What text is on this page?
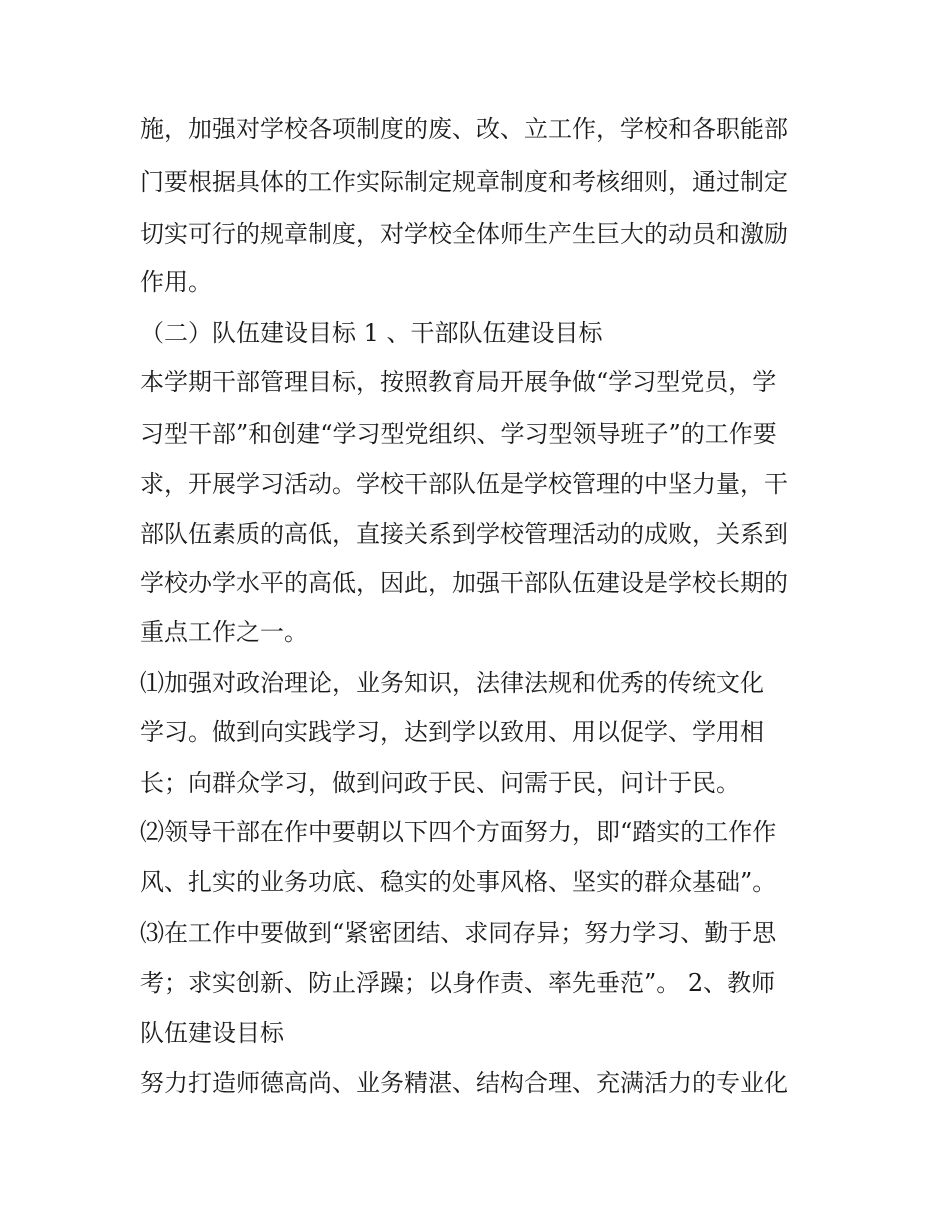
施，加强对学校各项制度的废、改、立工作，学校和各职能部
门要根据具体的工作实际制定规章制度和考核细则，通过制定
切实可行的规章制度，对学校全体师生产生巨大的动员和激励
作用。
（二）队伍建设目标 1 、干部队伍建设目标
本学期干部管理目标，按照教育局开展争做“学习型党员，学
习型干部”和创建“学习型党组织、学习型领导班子”的工作要
求，开展学习活动。学校干部队伍是学校管理的中坚力量，干
部队伍素质的高低，直接关系到学校管理活动的成败，关系到
学校办学水平的高低，因此，加强干部队伍建设是学校长期的
重点工作之一。
⑴加强对政治理论，业务知识，法律法规和优秀的传统文化
学习。做到向实践学习，达到学以致用、用以促学、学用相
长；向群众学习，做到问政于民、问需于民，问计于民。
⑵领导干部在作中要朝以下四个方面努力，即“踏实的工作作
风、扎实的业务功底、稳实的处事风格、坚实的群众基础”。
⑶在工作中要做到“紧密团结、求同存异；努力学习、勤于思
考；求实创新、防止浮躁；以身作责、率先垂范”。 2、教师
队伍建设目标
努力打造师德高尚、业务精湛、结构合理、充满活力的专业化
